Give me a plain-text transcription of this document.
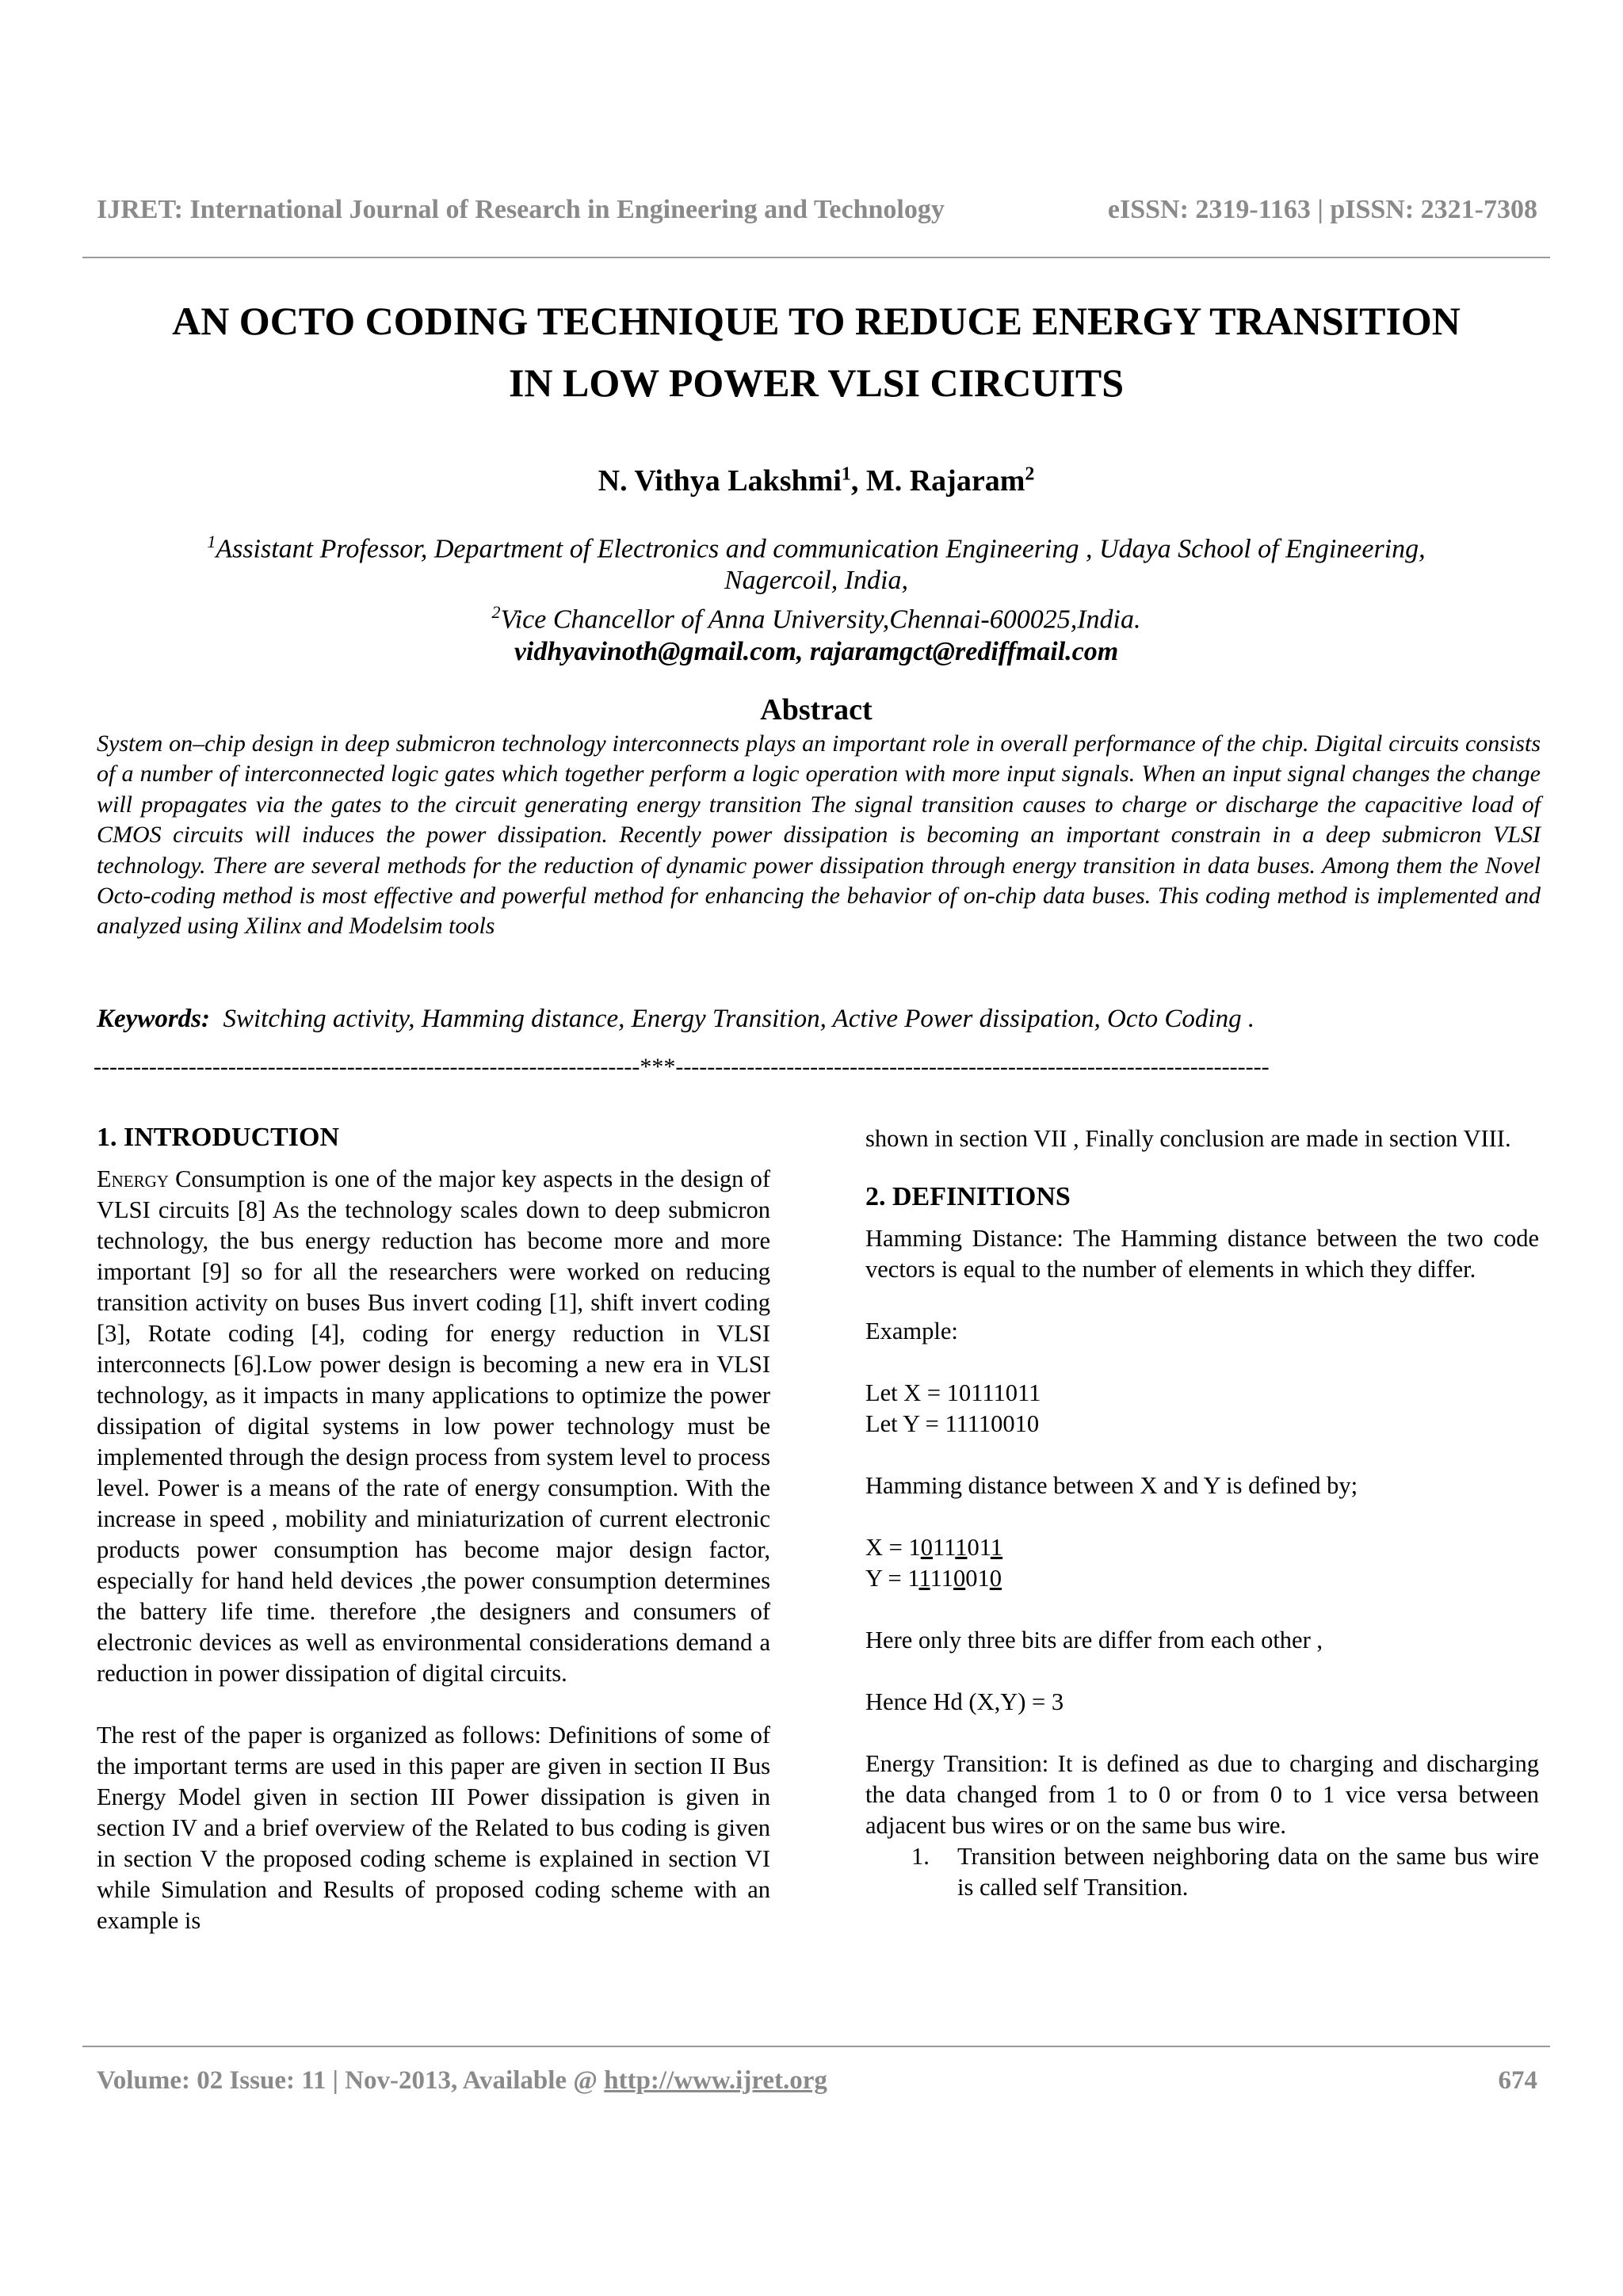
IJRET: International Journal of Research in Engineering and Technology	eISSN: 2319-1163 | pISSN: 2321-7308
AN OCTO CODING TECHNIQUE TO REDUCE ENERGY TRANSITION
IN LOW POWER VLSI CIRCUITS
N. Vithya Lakshmi$^1$, M. Rajaram$^2$
$^1$Assistant Professor, Department of Electronics and communication Engineering , Udaya School of Engineering,
Nagercoil, India,
$^2$Vice Chancellor of Anna University,Chennai-600025,India.
vidhyavinoth@gmail.com, rajaramgct@rediffmail.com
Abstract
System on–chip design in deep submicron technology interconnects plays an important role in overall performance of the chip. Digital circuits consists of a number of interconnected logic gates which together perform a logic operation with more input signals. When an input signal changes the change will propagates via the gates to the circuit generating energy transition The signal transition causes to charge or discharge the capacitive load of CMOS circuits will induces the power dissipation. Recently power dissipation is becoming an important constrain in a deep submicron VLSI technology. There are several methods for the reduction of dynamic power dissipation through energy transition in data buses. Among them the Novel Octo-coding method is most effective and powerful method for enhancing the behavior of on-chip data buses. This coding method is implemented and analyzed using Xilinx and Modelsim tools
Keywords: Switching activity, Hamming distance, Energy Transition, Active Power dissipation, Octo Coding .
---------------------------------------------------------------------***---------------------------------------------------------------------------
1. INTRODUCTION

Energy Consumption is one of the major key aspects in the design of VLSI circuits [8] As the technology scales down to deep submicron technology, the bus energy reduction has become more and more important [9] so for all the researchers were worked on reducing transition activity on buses Bus invert coding [1], shift invert coding [3], Rotate coding [4], coding for energy reduction in VLSI interconnects [6].Low power design is becoming a new era in VLSI technology, as it impacts in many applications to optimize the power dissipation of digital systems in low power technology must be implemented through the design process from system level to process level. Power is a means of the rate of energy consumption. With the increase in speed , mobility and miniaturization of current electronic products power consumption has become major design factor, especially for hand held devices ,the power consumption determines the battery life time. therefore ,the designers and consumers of electronic devices as well as environmental considerations demand a reduction in power dissipation of digital circuits.

The rest of the paper is organized as follows: Definitions of some of the important terms are used in this paper are given in section II Bus Energy Model given in section III Power dissipation is given in section IV and a brief overview of the Related to bus coding is given in section V the proposed coding scheme is explained in section VI while Simulation and Results of proposed coding scheme with an example is

shown in section VII , Finally conclusion are made in section VIII.

2. DEFINITIONS

Hamming Distance: The Hamming distance between the two code vectors is equal to the number of elements in which they differ.

Example:

Let X = 10111011

Let Y = 11110010

Hamming distance between X and Y is defined by;

X = 10111011

Y = 11110010

Here only three bits are differ from each other ,

Hence Hd (X,Y) = 3

Energy Transition: It is defined as due to charging and discharging the data changed from 1 to 0 or from 0 to 1 vice versa between adjacent bus wires or on the same bus wire.

1.	Transition between neighboring data on the same bus wire is called self Transition.
Volume: 02 Issue: 11 | Nov-2013, Available @ http://www.ijret.org	674
